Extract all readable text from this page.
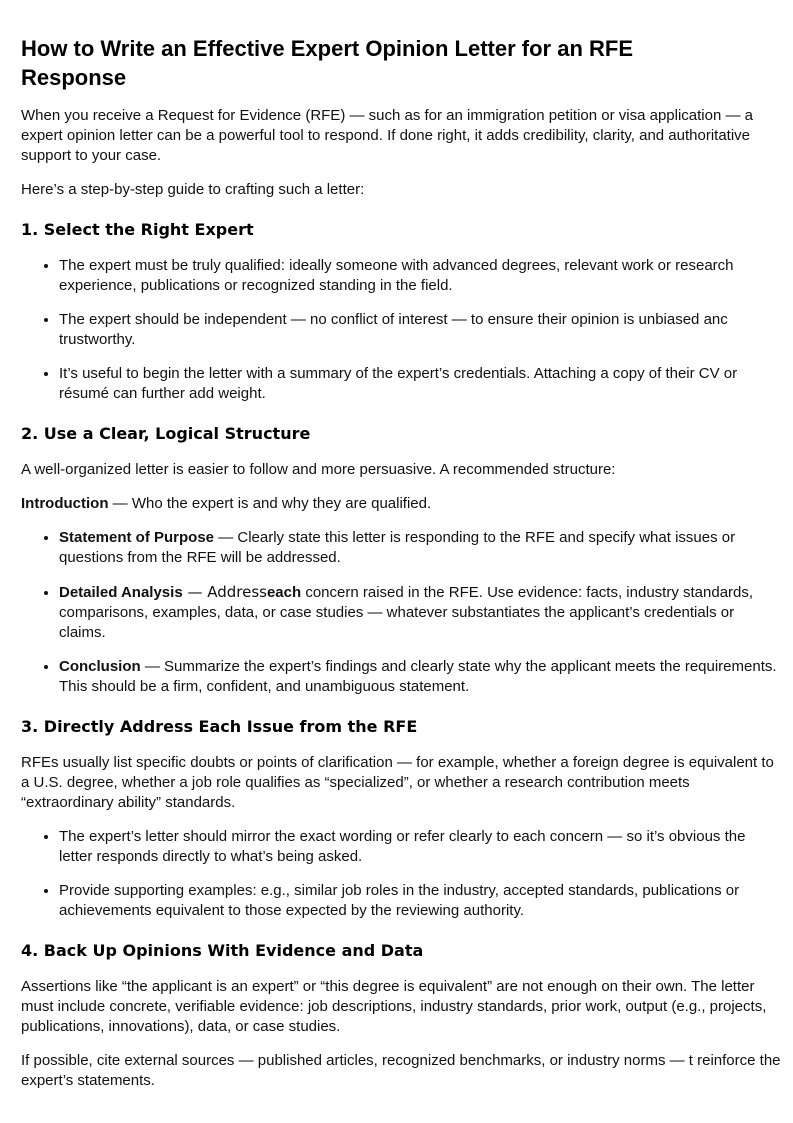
How to Write an Effective Expert Opinion Letter for an RFE Response

When you receive a Request for Evidence (RFE) — such as for an immigration petition or visa application — a expert opinion letter can be a powerful tool to respond. If done right, it adds credibility, clarity, and authoritative support to your case.

Here’s a step-by-step guide to crafting such a letter:

1. Select the Right Expert
• The expert must be truly qualified: ideally someone with advanced degrees, relevant work or research experience, publications or recognized standing in the field.
• The expert should be independent — no conflict of interest — to ensure their opinion is unbiased anc trustworthy.
• It’s useful to begin the letter with a summary of the expert’s credentials. Attaching a copy of their CV or résumé can further add weight.
2. Use a Clear, Logical Structure

A well-organized letter is easier to follow and more persuasive. A recommended structure:

Introduction — Who the expert is and why they are qualified.

• Statement of Purpose — Clearly state this letter is responding to the RFE and specify what issues or questions from the RFE will be addressed.
• Detailed Analysis — Addresseach concern raised in the RFE. Use evidence: facts, industry standards, comparisons, examples, data, or case studies — whatever substantiates the applicant’s credentials or claims.
• Conclusion — Summarize the expert’s findings and clearly state why the applicant meets the requirements. This should be a firm, confident, and unambiguous statement.
3. Directly Address Each Issue from the RFE

RFEs usually list specific doubts or points of clarification — for example, whether a foreign degree is equivalent to a U.S. degree, whether a job role qualifies as “specialized”, or whether a research contribution meets “extraordinary ability” standards.

• The expert’s letter should mirror the exact wording or refer clearly to each concern — so it’s obvious the letter responds directly to what’s being asked.
• Provide supporting examples: e.g., similar job roles in the industry, accepted standards, publications or achievements equivalent to those expected by the reviewing authority.
4. Back Up Opinions With Evidence and Data

Assertions like “the applicant is an expert” or “this degree is equivalent” are not enough on their own. The letter must include concrete, verifiable evidence: job descriptions, industry standards, prior work, output (e.g., projects, publications, innovations), data, or case studies.

If possible, cite external sources — published articles, recognized benchmarks, or industry norms — t reinforce the expert’s statements.
